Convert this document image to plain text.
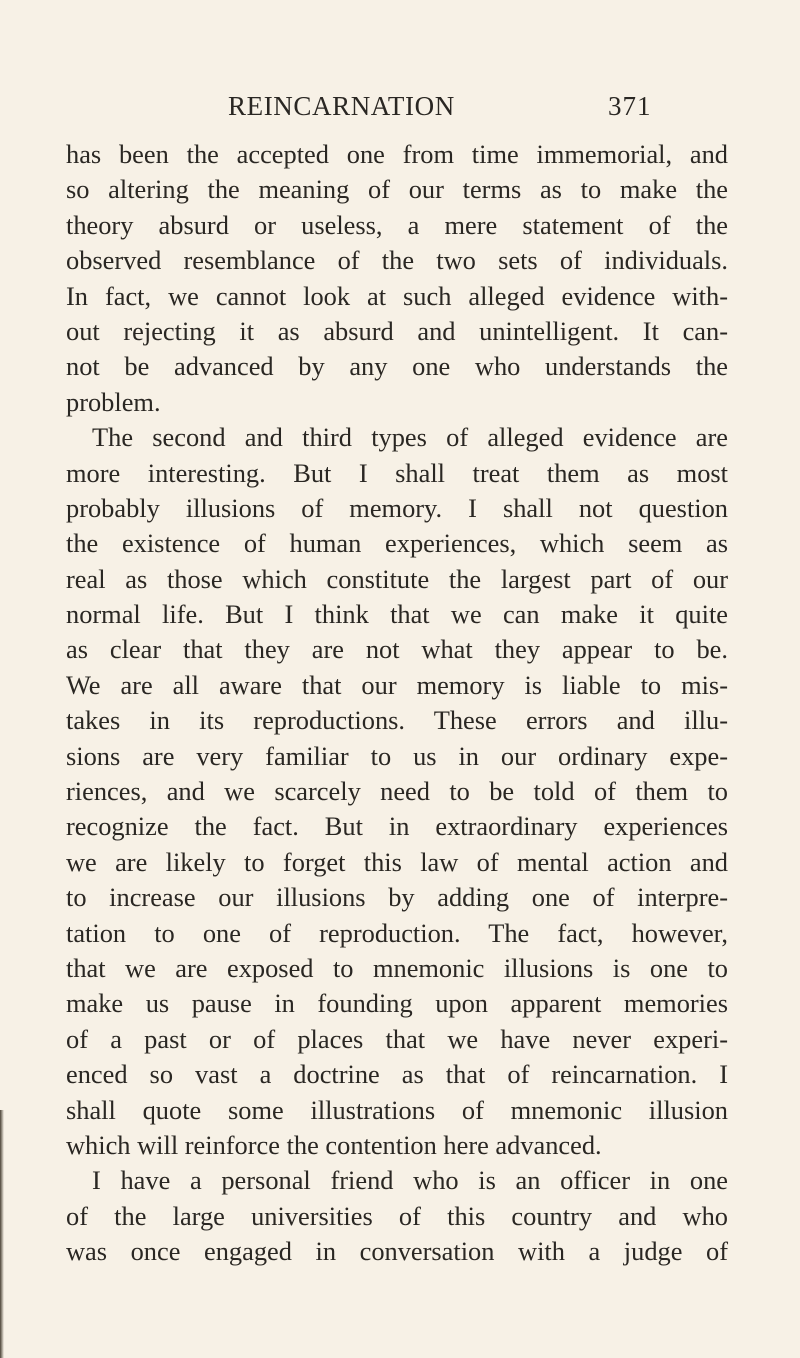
REINCARNATION	371
has been the accepted one from time immemorial, and
so altering the meaning of our terms as to make the
theory absurd or useless, a mere statement of the
observed resemblance of the two sets of individuals.
In fact, we cannot look at such alleged evidence with-
out rejecting it as absurd and unintelligent. It can-
not be advanced by any one who understands the
problem.
The second and third types of alleged evidence are
more interesting. But I shall treat them as most
probably illusions of memory. I shall not question
the existence of human experiences, which seem as
real as those which constitute the largest part of our
normal life. But I think that we can make it quite
as clear that they are not what they appear to be.
We are all aware that our memory is liable to mis-
takes in its reproductions. These errors and illu-
sions are very familiar to us in our ordinary expe-
riences, and we scarcely need to be told of them to
recognize the fact. But in extraordinary experiences
we are likely to forget this law of mental action and
to increase our illusions by adding one of interpre-
tation to one of reproduction. The fact, however,
that we are exposed to mnemonic illusions is one to
make us pause in founding upon apparent memories
of a past or of places that we have never experi-
enced so vast a doctrine as that of reincarnation. I
shall quote some illustrations of mnemonic illusion
which will reinforce the contention here advanced.
I have a personal friend who is an officer in one
of the large universities of this country and who
was once engaged in conversation with a judge of
